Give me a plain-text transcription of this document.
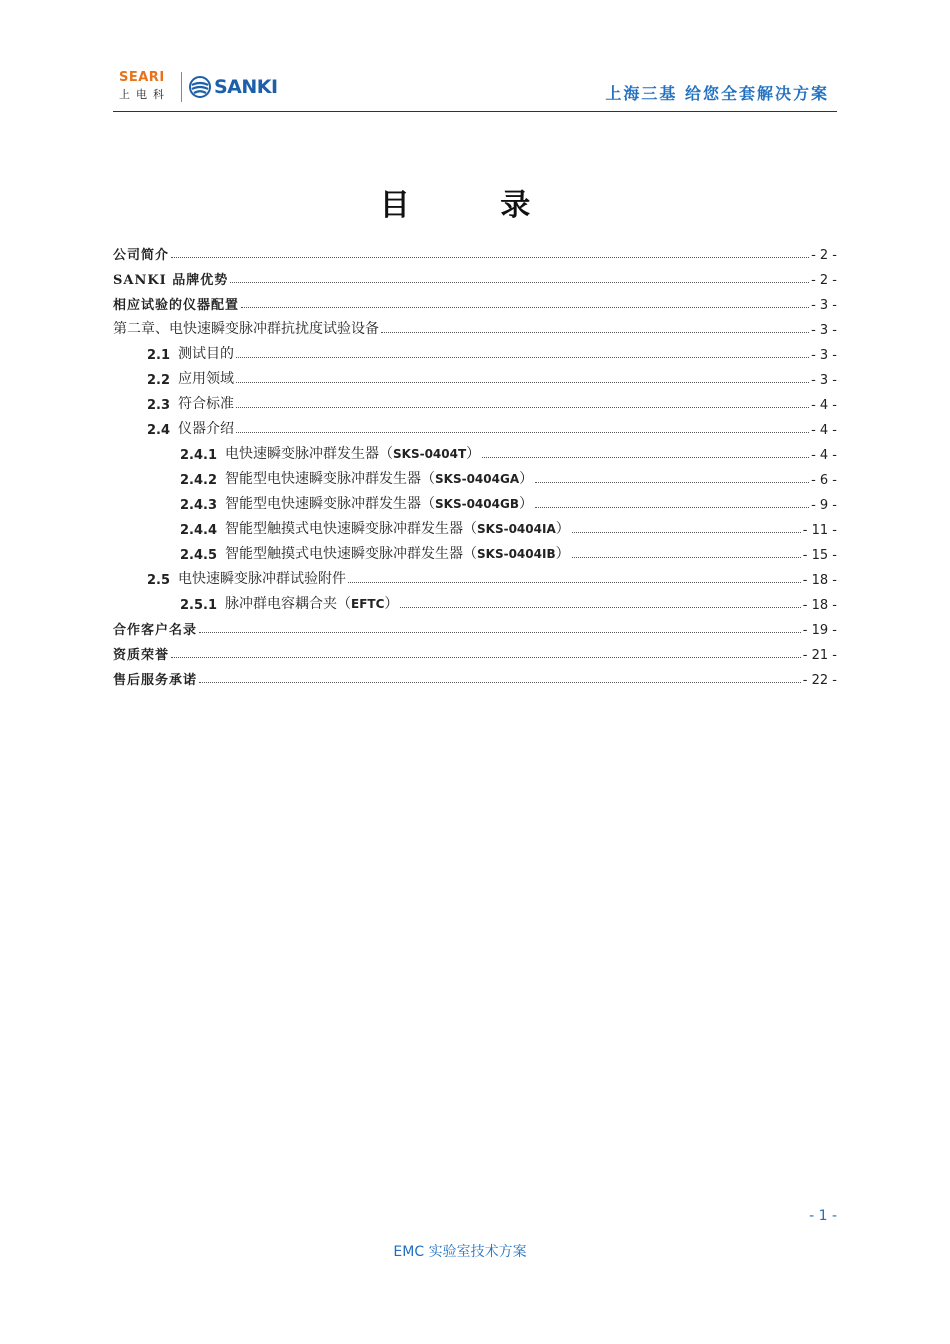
SEARI
上电科 SANKI	上海三基 给您全套解决方案
目 录
公司简介	- 2 -
SANKI 品牌优势	- 2 -
相应试验的仪器配置	- 3 -
第二章、电快速瞬变脉冲群抗扰度试验设备	- 3 -
2.1 测试目的	- 3 -
2.2 应用领域	- 3 -
2.3 符合标准	- 4 -
2.4 仪器介绍	- 4 -
2.4.1 电快速瞬变脉冲群发生器（SKS-0404T）	- 4 -
2.4.2 智能型电快速瞬变脉冲群发生器（SKS-0404GA）	- 6 -
2.4.3 智能型电快速瞬变脉冲群发生器（SKS-0404GB）	- 9 -
2.4.4 智能型触摸式电快速瞬变脉冲群发生器（SKS-0404IA）	- 11 -
2.4.5 智能型触摸式电快速瞬变脉冲群发生器（SKS-0404IB）	- 15 -
2.5 电快速瞬变脉冲群试验附件	- 18 -
2.5.1 脉冲群电容耦合夹（EFTC）	- 18 -
合作客户名录	- 19 -
资质荣誉	- 21 -
售后服务承诺	- 22 -
- 1 -
EMC 实验室技术方案
